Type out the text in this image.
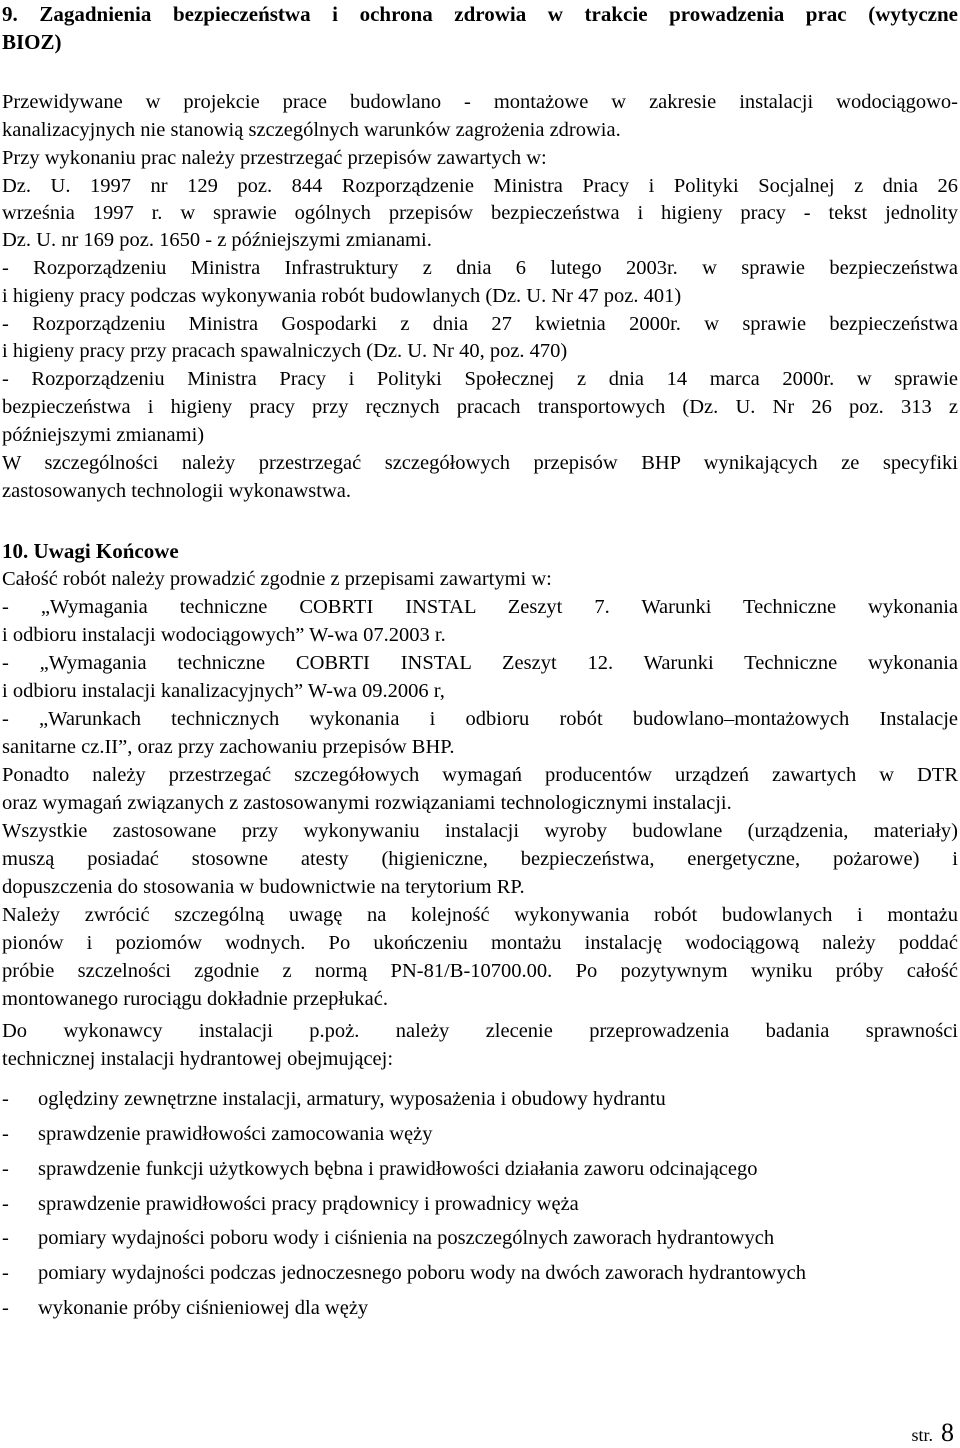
9. Zagadnienia bezpieczeństwa i ochrona zdrowia w trakcie prowadzenia prac (wytyczne
BIOZ)
Przewidywane w projekcie prace budowlano - montażowe w zakresie instalacji wodociągowo-
kanalizacyjnych nie stanowią szczególnych warunków zagrożenia zdrowia.
Przy wykonaniu prac należy przestrzegać przepisów zawartych w:
Dz. U. 1997 nr 129 poz. 844 Rozporządzenie Ministra Pracy i Polityki Socjalnej z dnia 26
września 1997 r. w sprawie ogólnych przepisów bezpieczeństwa i higieny pracy - tekst jednolity
Dz. U. nr 169 poz. 1650 - z późniejszymi zmianami.
- Rozporządzeniu Ministra Infrastruktury z dnia 6 lutego 2003r. w sprawie bezpieczeństwa
i higieny pracy podczas wykonywania robót budowlanych (Dz. U. Nr 47 poz. 401)
- Rozporządzeniu Ministra Gospodarki z dnia 27 kwietnia 2000r. w sprawie bezpieczeństwa
i higieny pracy przy pracach spawalniczych (Dz. U. Nr 40, poz. 470)
- Rozporządzeniu Ministra Pracy i Polityki Społecznej z dnia 14 marca 2000r. w sprawie
bezpieczeństwa i higieny pracy przy ręcznych pracach transportowych (Dz. U. Nr 26 poz. 313 z
późniejszymi zmianami)
W szczególności należy przestrzegać szczegółowych przepisów BHP wynikających ze specyfiki
zastosowanych technologii wykonawstwa.
10. Uwagi Końcowe
Całość robót należy prowadzić zgodnie z przepisami zawartymi w:
- „Wymagania techniczne COBRTI INSTAL Zeszyt 7. Warunki Techniczne wykonania
i odbioru instalacji wodociągowych” W-wa 07.2003 r.
- „Wymagania techniczne COBRTI INSTAL Zeszyt 12. Warunki Techniczne wykonania
i odbioru instalacji kanalizacyjnych” W-wa 09.2006 r,
- „Warunkach technicznych wykonania i odbioru robót budowlano–montażowych Instalacje
sanitarne cz.II”, oraz przy zachowaniu przepisów BHP.
Ponadto należy przestrzegać szczegółowych wymagań producentów urządzeń zawartych w DTR
oraz wymagań związanych z zastosowanymi rozwiązaniami technologicznymi instalacji.
Wszystkie zastosowane przy wykonywaniu instalacji wyroby budowlane (urządzenia, materiały)
muszą posiadać stosowne atesty (higieniczne, bezpieczeństwa, energetyczne, pożarowe) i
dopuszczenia do stosowania w budownictwie na terytorium RP.
Należy zwrócić szczególną uwagę na kolejność wykonywania robót budowlanych i montażu
pionów i poziomów wodnych. Po ukończeniu montażu instalację wodociągową należy poddać
próbie szczelności zgodnie z normą PN-81/B-10700.00. Po pozytywnym wyniku próby całość
montowanego rurociągu dokładnie przepłukać.
Do wykonawcy instalacji p.poż. należy zlecenie przeprowadzenia badania sprawności
technicznej instalacji hydrantowej obejmującej:
- oględziny zewnętrzne instalacji, armatury, wyposażenia i obudowy hydrantu
- sprawdzenie prawidłowości zamocowania węży
- sprawdzenie funkcji użytkowych bębna i prawidłowości działania zaworu odcinającego
- sprawdzenie prawidłowości pracy prądownicy i prowadnicy węża
- pomiary wydajności poboru wody i ciśnienia na poszczególnych zaworach hydrantowych
- pomiary wydajności podczas jednoczesnego poboru wody na dwóch zaworach hydrantowych
- wykonanie próby ciśnieniowej dla węży
str. 8
